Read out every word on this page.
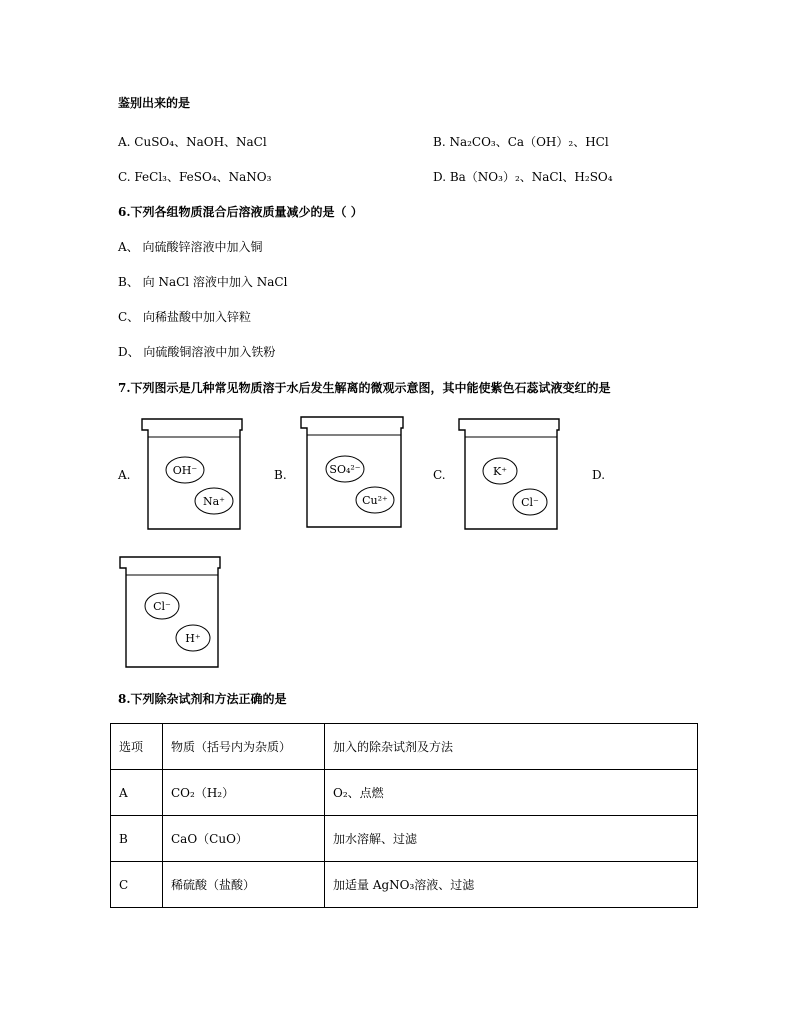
鉴别出来的是
A. CuSO₄、NaOH、NaCl	B. Na₂CO₃、Ca（OH）₂、HCl
C. FeCl₃、FeSO₄、NaNO₃	D. Ba（NO₃）₂、NaCl、H₂SO₄
6.下列各组物质混合后溶液质量减少的是（ ）
A、 向硫酸锌溶液中加入铜
B、 向 NaCl 溶液中加入 NaCl
C、 向稀盐酸中加入锌粒
D、 向硫酸铜溶液中加入铁粉
7.下列图示是几种常见物质溶于水后发生解离的微观示意图，其中能使紫色石蕊试液变红的是
A.	B.	C.	D.
OH⁻
Na⁺
SO₄²⁻
Cu²⁺
K⁺
Cl⁻
Cl⁻
H⁺
8.下列除杂试剂和方法正确的是
选项	物质（括号内为杂质）	加入的除杂试剂及方法
A	CO₂（H₂）	O₂、点燃
B	CaO（CuO）	加水溶解、过滤
C	稀硫酸（盐酸）	加适量 AgNO₃溶液、过滤
